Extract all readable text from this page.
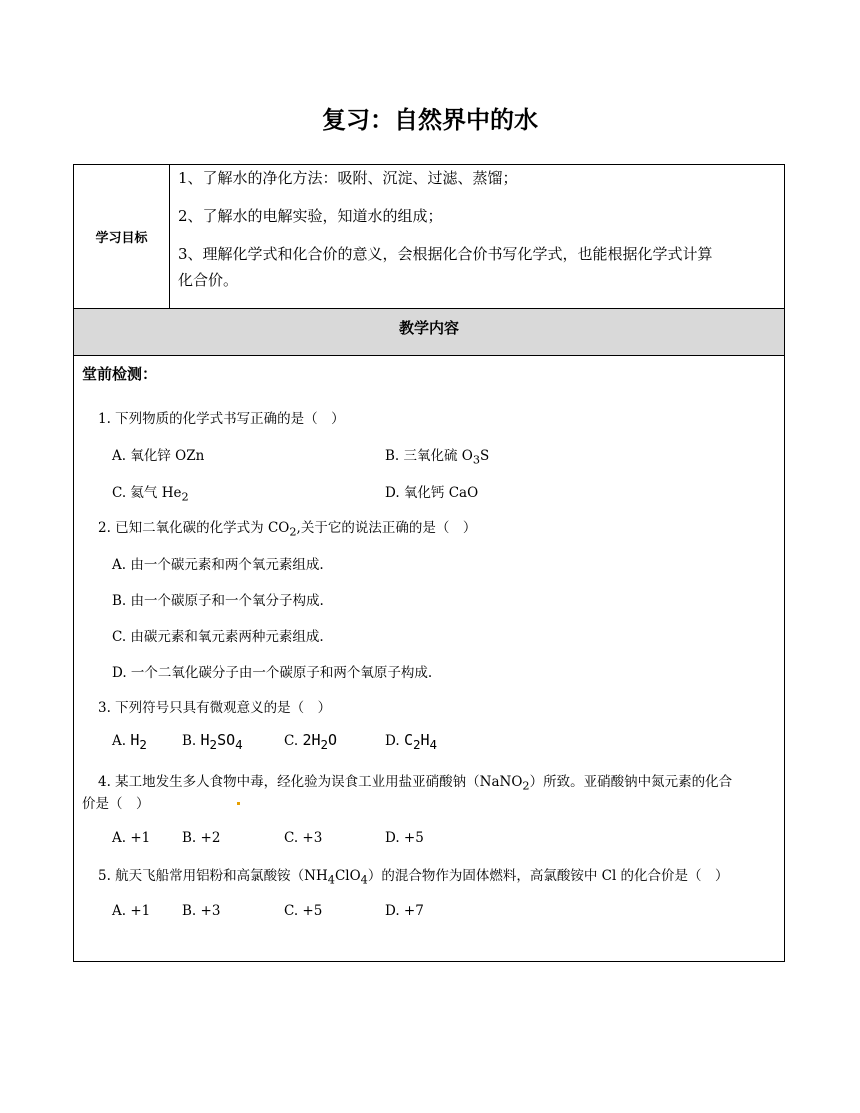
复习：自然界中的水
学习目标
1、了解水的净化方法：吸附、沉淀、过滤、蒸馏；
2、了解水的电解实验，知道水的组成；
3、理解化学式和化合价的意义，会根据化合价书写化学式，也能根据化学式计算
化合价。
教学内容
堂前检测：
1. 下列物质的化学式书写正确的是（　）
A. 氧化锌 OZn	B. 三氧化硫 $O_3S$
C. 氦气 $He_2$	D. 氧化钙 CaO
2. 已知二氧化碳的化学式为 $CO_2$,关于它的说法正确的是（　）
A. 由一个碳元素和两个氧元素组成.
B. 由一个碳原子和一个氧分子构成.
C. 由碳元素和氧元素两种元素组成.
D. 一个二氧化碳分子由一个碳原子和两个氧原子构成.
3. 下列符号只具有微观意义的是（　）
A. $H_2$	B. $H_2SO_4$	C. $2H_2O$	D. $C_2H_4$
4. 某工地发生多人食物中毒，经化验为误食工业用盐亚硝酸钠（NaNO$_2$）所致。亚硝酸钠中氮元素的化合
价是（　）
A. +1 B. +2	C. +3	D. +5
5. 航天飞船常用铝粉和高氯酸铵$(NH_4ClO_4)$的混合物作为固体燃料，高氯酸铵中 Cl 的化合价是（　）
A. +1 B. +3	C. +5	D. +7
